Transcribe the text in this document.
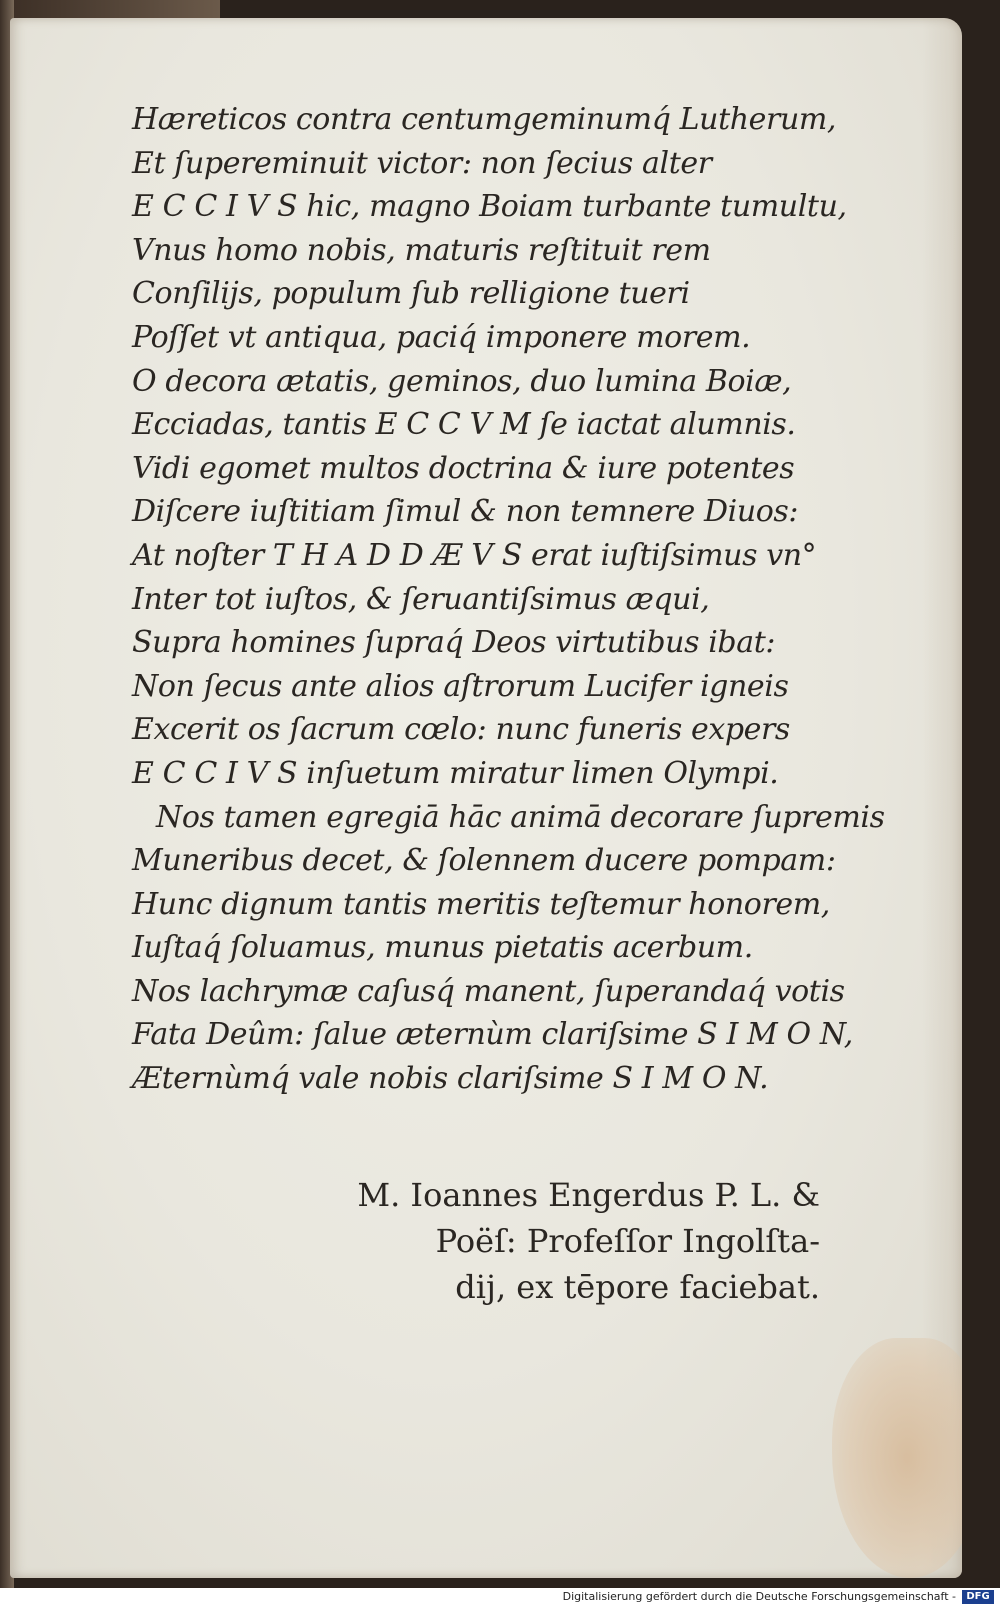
Hæreticos contra centumgeminumq́ Lutherum,
Et ſupereminuit victor: non ſecius alter
E C C I V S hic, magno Boiam turbante tumultu,
Vnus homo nobis, maturis reſtituit rem
Conſilijs, populum ſub relligione tueri
Poſſet vt antiqua, paciq́ imponere morem.
O decora ætatis, geminos, duo lumina Boiæ,
Ecciadas, tantis E C C V M ſe iactat alumnis.
Vidi egomet multos doctrina & iure potentes
Diſcere iuſtitiam ſimul & non temnere Diuos:
At noſter T H A D D Æ V S erat iuſtiſsimus vn°
Inter tot iuſtos, & ſeruantiſsimus æqui,
Supra homines ſupraq́ Deos virtutibus ibat:
Non ſecus ante alios aſtrorum Lucifer igneis
Excerit os ſacrum cœlo: nunc funeris expers
E C C I V S inſuetum miratur limen Olympi.
Nos tamen egregiā hāc animā decorare ſupremis
Muneribus decet, & ſolennem ducere pompam:
Hunc dignum tantis meritis teſtemur honorem,
Iuſtaq́ ſoluamus, munus pietatis acerbum.
Nos lachrymæ caſusq́ manent, ſuperandaq́ votis
Fata Deûm: ſalue æternùm clariſsime S I M O N,
Æternùmq́ vale nobis clariſsime S I M O N.
M. Ioannes Engerdus P. L. &
Poëſ: Profeſſor Ingolſta-
dij, ex tēpore faciebat.
Digitalisierung gefördert durch die Deutsche Forschungsgemeinschaft -	DFG
